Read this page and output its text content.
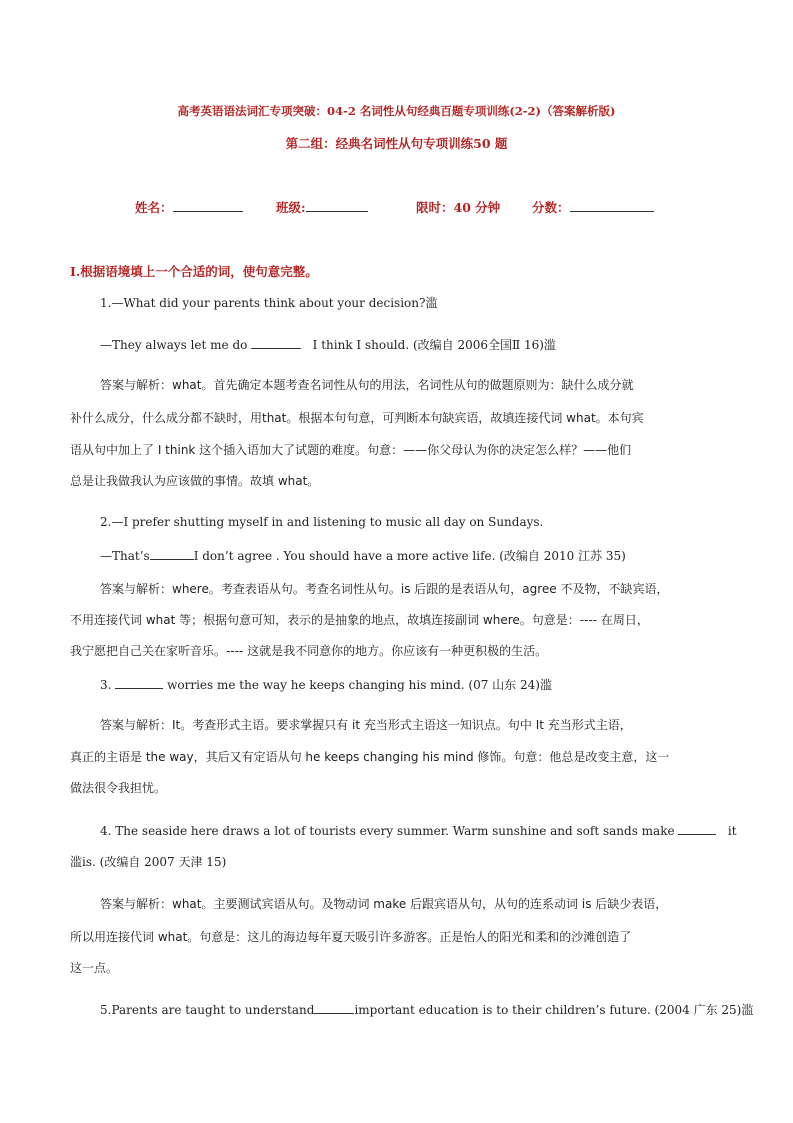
高考英语语法词汇专项突破：04-2 名词性从句经典百题专项训练(2-2)（答案解析版)
第二组：经典名词性从句专项训练50 题
姓名：	班级:	限时：40 分钟	分数：
I.根据语境填上一个合适的词，使句意完整。
1.—What did your parents think about your decision?滥
—They always let me do	I think I should. (改编自 2006全国Ⅱ 16)滥
答案与解析：what。首先确定本题考查名词性从句的用法，名词性从句的做题原则为：缺什么成分就
补什么成分，什么成分都不缺时，用that。根据本句句意，可判断本句缺宾语，故填连接代词 what。本句宾
语从句中加上了 I think 这个插入语加大了试题的难度。句意：——你父母认为你的决定怎么样？——他们
总是让我做我认为应该做的事情。故填 what。
2.—I prefer shutting myself in and listening to music all day on Sundays.
—That’s	I don’t agree . You should have a more active life. (改编自 2010 江苏 35)
答案与解析：where。考查表语从句。考查名词性从句。is 后跟的是表语从句，agree 不及物，不缺宾语，
不用连接代词 what 等；根据句意可知，表示的是抽象的地点，故填连接副词 where。句意是：---- 在周日，
我宁愿把自己关在家听音乐。---- 这就是我不同意你的地方。你应该有一种更积极的生活。
3.	worries me the way he keeps changing his mind. (07 山东 24)滥
答案与解析：It。考查形式主语。要求掌握只有 it 充当形式主语这一知识点。句中 It 充当形式主语，
真正的主语是 the way，其后又有定语从句 he keeps changing his mind 修饰。句意：他总是改变主意，这一
做法很令我担忧。
4. The seaside here draws a lot of tourists every summer. Warm sunshine and soft sands make	it
滥is. (改编自 2007 天津 15)
答案与解析：what。主要测试宾语从句。及物动词 make 后跟宾语从句，从句的连系动词 is 后缺少表语，
所以用连接代词 what。句意是：这儿的海边每年夏天吸引许多游客。正是怡人的阳光和柔和的沙滩创造了
这一点。
5.Parents are taught to understand	important education is to their children’s future. (2004 广东 25)滥
